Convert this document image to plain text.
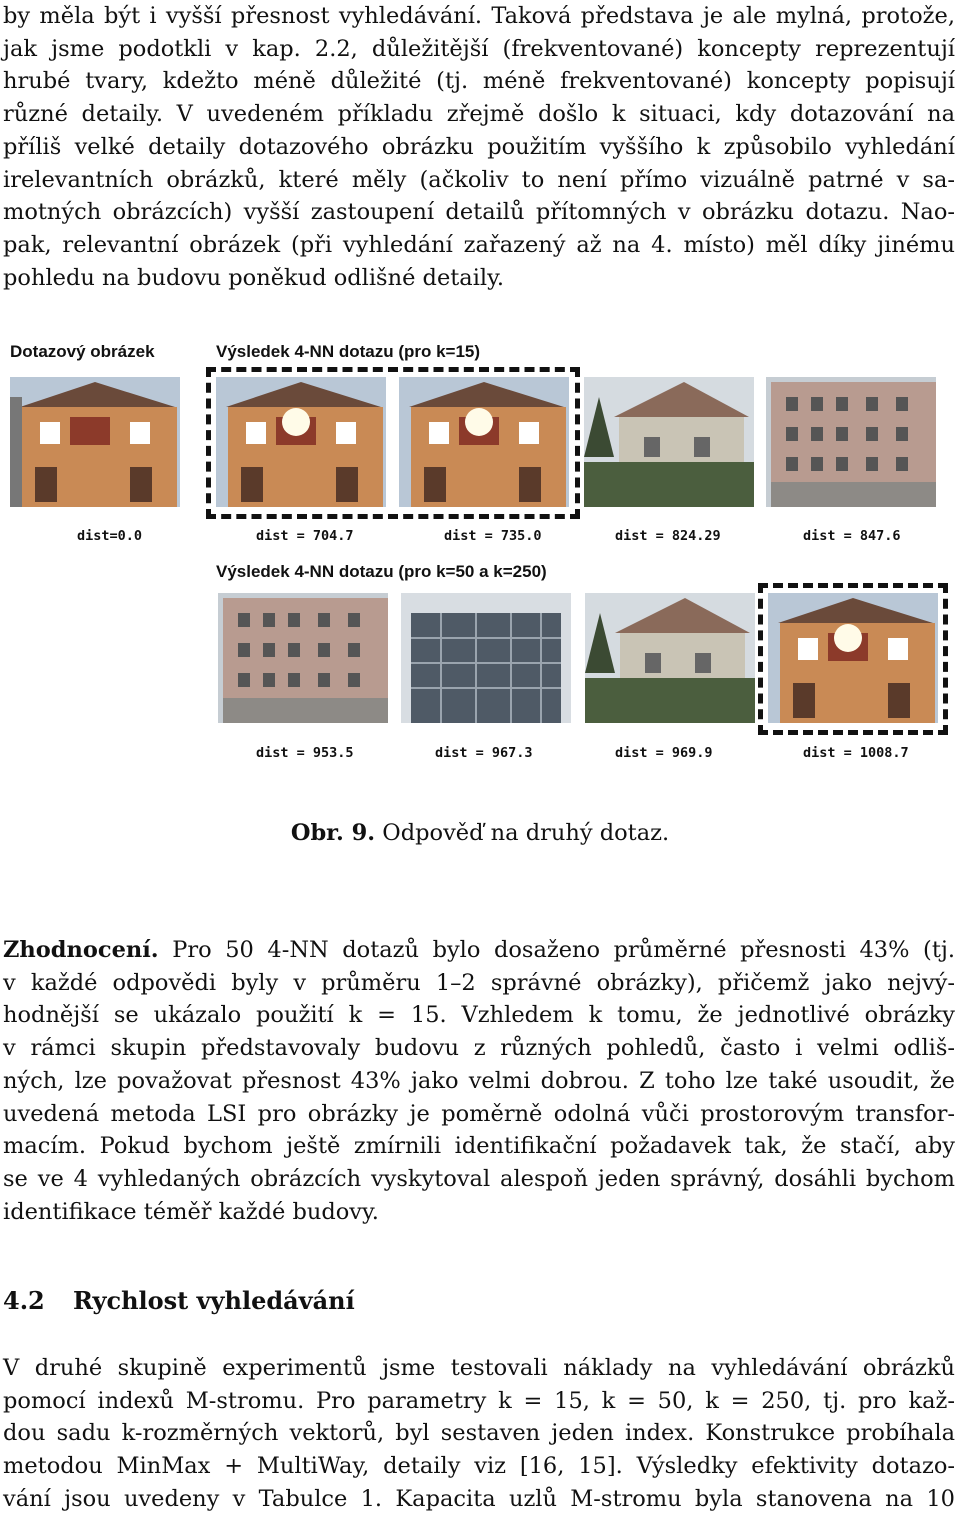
by měla být i vyšší přesnost vyhledávání. Taková představa je ale mylná, protože,
jak jsme podotkli v kap. 2.2, důležitější (frekventované) koncepty reprezentují
hrubé tvary, kdežto méně důležité (tj. méně frekventované) koncepty popisují
různé detaily. V uvedeném příkladu zřejmě došlo k situaci, kdy dotazování na
příliš velké detaily dotazového obrázku použitím vyššího k způsobilo vyhledání
irelevantních obrázků, které měly (ačkoliv to není přímo vizuálně patrné v sa-
motných obrázcích) vyšší zastoupení detailů přítomných v obrázku dotazu. Nao-
pak, relevantní obrázek (při vyhledání zařazený až na 4. místo) měl díky jinému
pohledu na budovu poněkud odlišné detaily.
Dotazový obrázek	Výsledek 4-NN dotazu (pro k=15)
dist=0.0	dist = 704.7	dist = 735.0	dist = 824.29	dist = 847.6
Výsledek 4-NN dotazu (pro k=50 a k=250)
dist = 953.5	dist = 967.3	dist = 969.9	dist = 1008.7
Obr. 9. Odpověď na druhý dotaz.
Zhodnocení. Pro 50 4-NN dotazů bylo dosaženo průměrné přesnosti 43% (tj.
v každé odpovědi byly v průměru 1–2 správné obrázky), přičemž jako nejvý-
hodnější se ukázalo použití k = 15. Vzhledem k tomu, že jednotlivé obrázky
v rámci skupin představovaly budovu z různých pohledů, často i velmi odliš-
ných, lze považovat přesnost 43% jako velmi dobrou. Z toho lze také usoudit, že
uvedená metoda LSI pro obrázky je poměrně odolná vůči prostorovým transfor-
macím. Pokud bychom ještě zmírnili identifikační požadavek tak, že stačí, aby
se ve 4 vyhledaných obrázcích vyskytoval alespoň jeden správný, dosáhli bychom
identifikace téměř každé budovy.
4.2 Rychlost vyhledávání
V druhé skupině experimentů jsme testovali náklady na vyhledávání obrázků
pomocí indexů M-stromu. Pro parametry k = 15, k = 50, k = 250, tj. pro kaž-
dou sadu k-rozměrných vektorů, byl sestaven jeden index. Konstrukce probíhala
metodou MinMax + MultiWay, detaily viz [16, 15]. Výsledky efektivity dotazo-
vání jsou uvedeny v Tabulce 1. Kapacita uzlů M-stromu byla stanovena na 10
